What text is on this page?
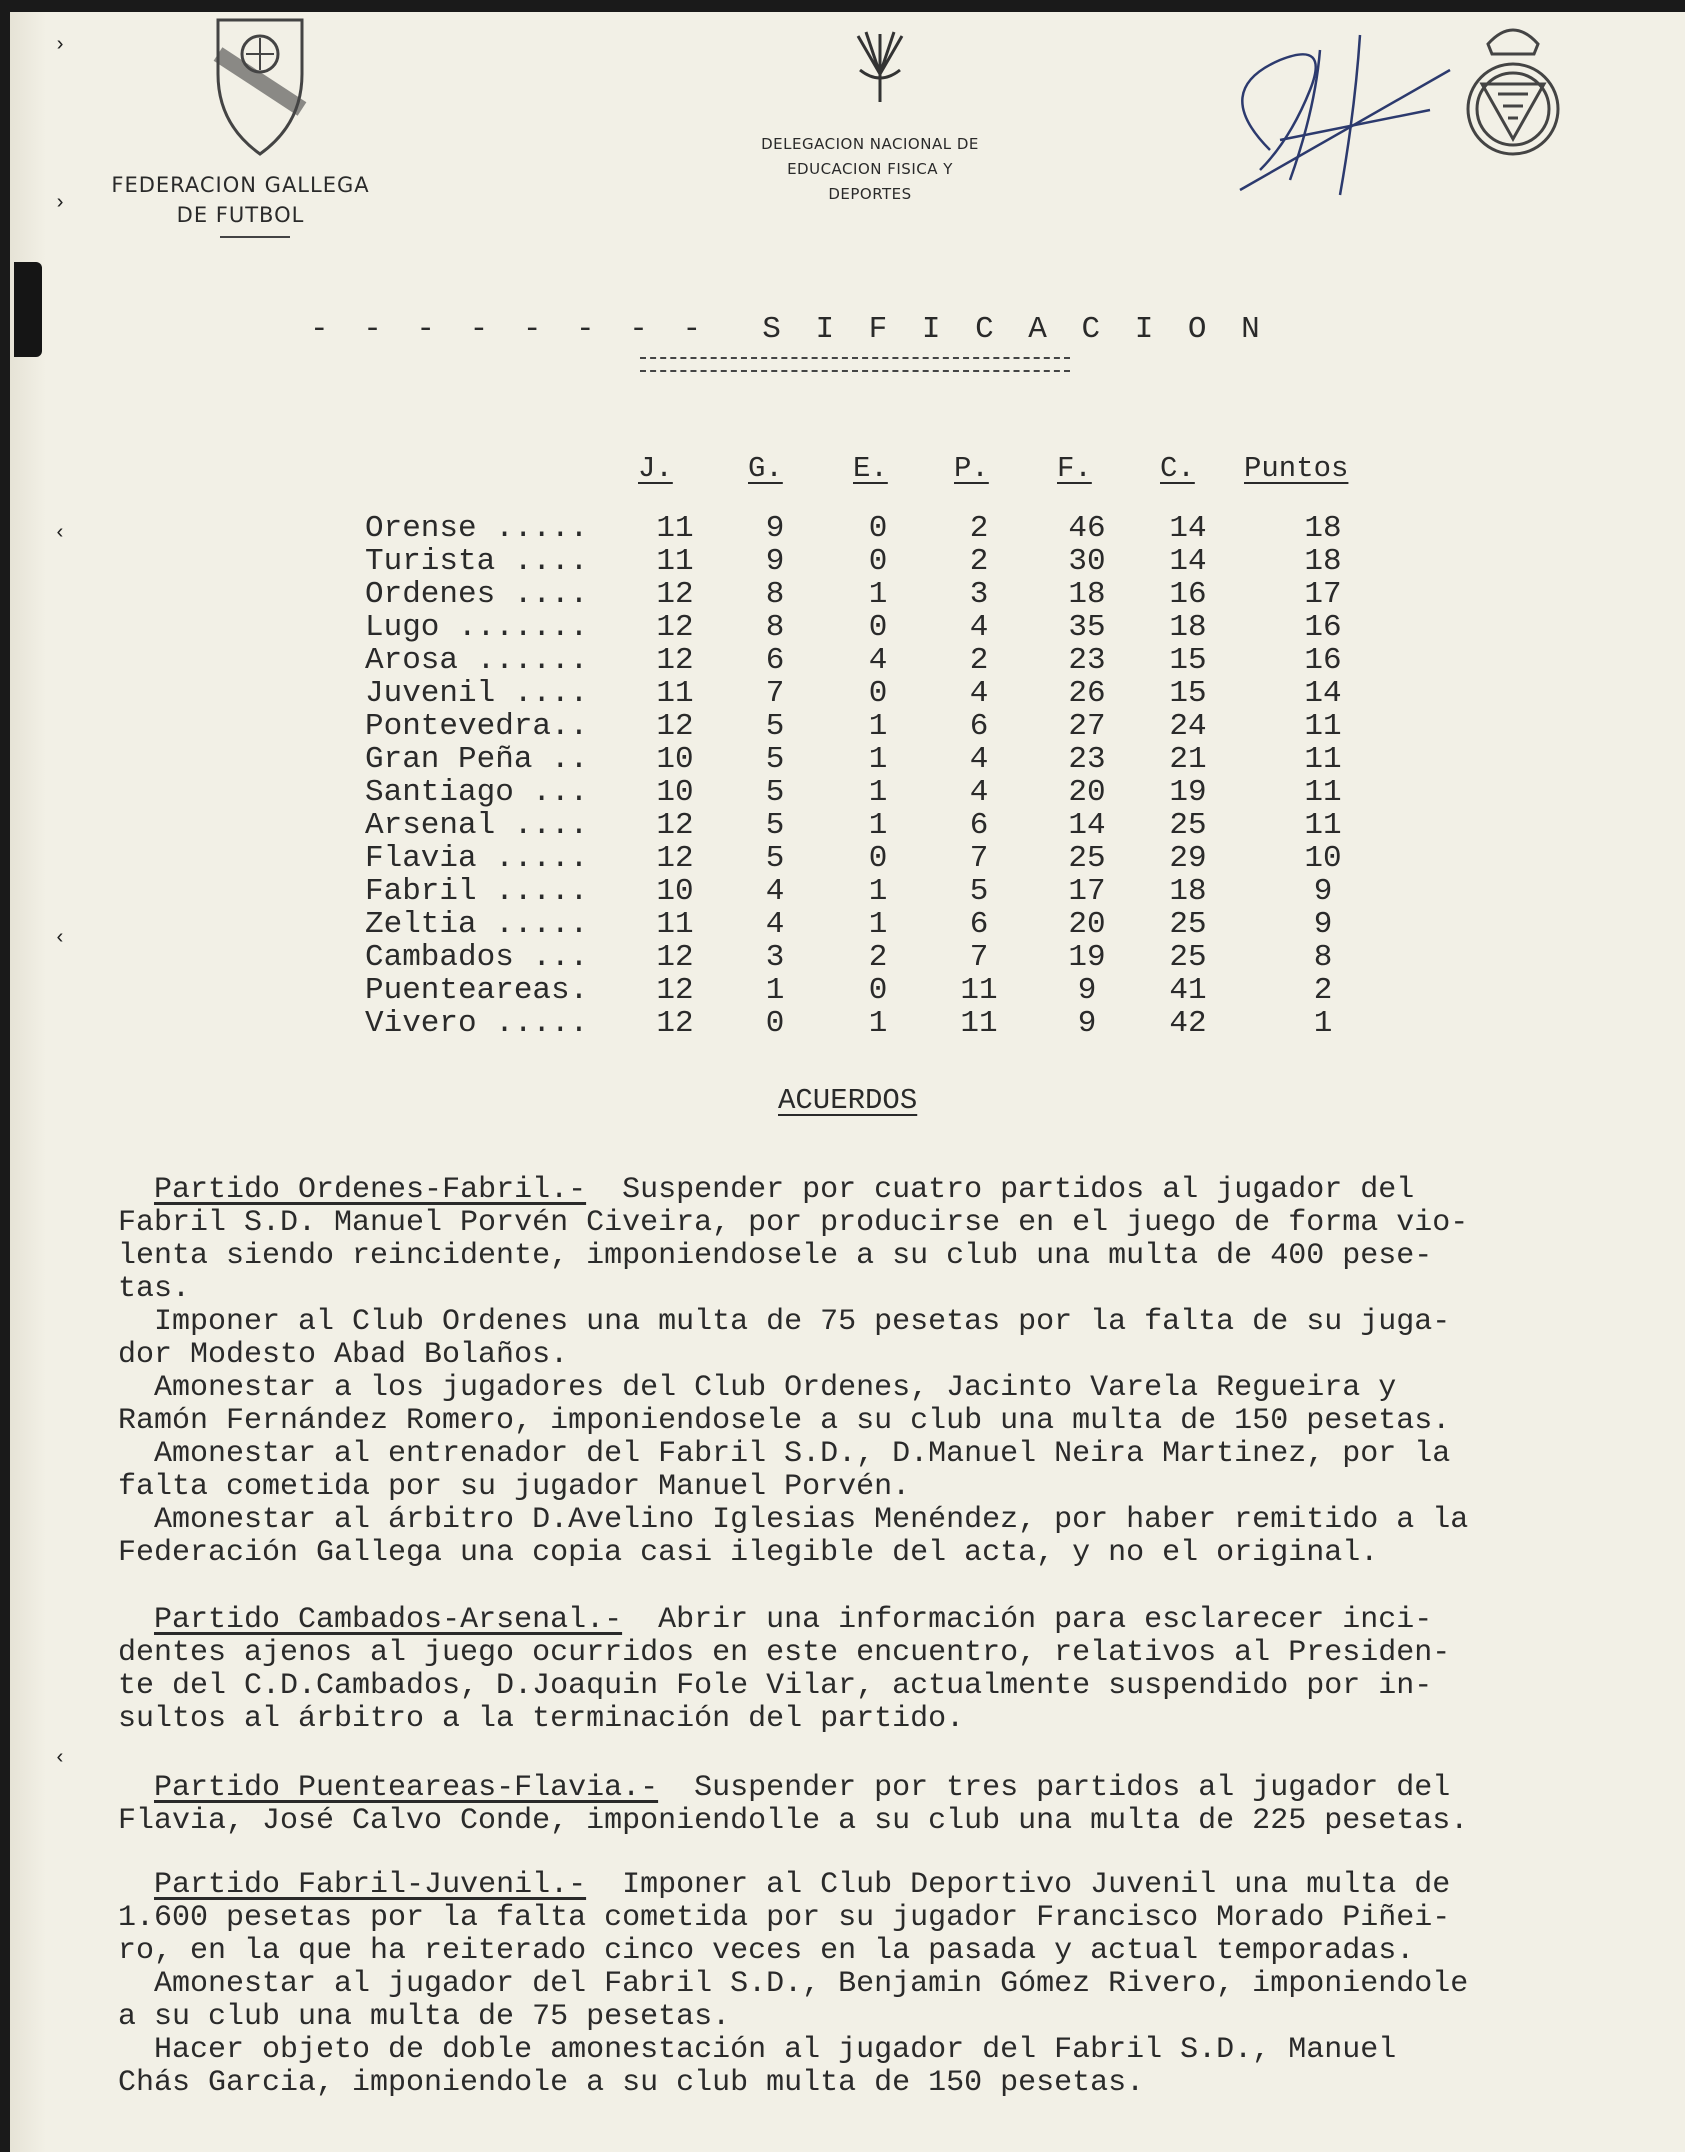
›
›
‹
‹
‹
FEDERACION GALLEGA
DE FUTBOL
DELEGACION NACIONAL DE
EDUCACION FISICA Y DEPORTES
- - - - - - - -  S I F I C A C I O N
J.	G. E. P. F. C. Puntos
Orense .....	11	9	0	2	46 14	18
Turista ....	11	9	0	2	30 14	18
Ordenes ....	12	8	1	3	18 16	17
Lugo .......	12	8	0	4	35 18	16
Arosa ......	12	6	4	2	23 15	16
Juvenil ....	11	7	0	4	26 15	14
Pontevedra..	12	5	1	6	27 24	11
Gran Peña ..	10	5	1	4	23 21	11
Santiago ...	10	5	1	4	20 19	11
Arsenal ....	12	5	1	6	14 25	11
Flavia .....	12	5	0	7	25 29	10
Fabril .....	10	4	1	5	17 18	9
Zeltia .....	11	4	1	6	20 25	9
Cambados ...	12	3	2	7	19 25	8
Puenteareas.	12	1	0	11	9	41	2
Vivero .....	12	0	1	11	9	42	1
ACUERDOS
Partido Ordenes-Fabril.-  Suspender por cuatro partidos al jugador del
Fabril S.D. Manuel Porvén Civeira, por producirse en el juego de forma vio-
lenta siendo reincidente, imponiendosele a su club una multa de 400 pese-
tas.
Imponer al Club Ordenes una multa de 75 pesetas por la falta de su juga-
dor Modesto Abad Bolaños.
Amonestar a los jugadores del Club Ordenes, Jacinto Varela Regueira y
Ramón Fernández Romero, imponiendosele a su club una multa de 150 pesetas.
Amonestar al entrenador del Fabril S.D., D.Manuel Neira Martinez, por la
falta cometida por su jugador Manuel Porvén.
Amonestar al árbitro D.Avelino Iglesias Menéndez, por haber remitido a la
Federación Gallega una copia casi ilegible del acta, y no el original.
Partido Cambados-Arsenal.-  Abrir una información para esclarecer inci-
dentes ajenos al juego ocurridos en este encuentro, relativos al Presiden-
te del C.D.Cambados, D.Joaquin Fole Vilar, actualmente suspendido por in-
sultos al árbitro a la terminación del partido.
Partido Puenteareas-Flavia.-  Suspender por tres partidos al jugador del
Flavia, José Calvo Conde, imponiendolle a su club una multa de 225 pesetas.
Partido Fabril-Juvenil.-  Imponer al Club Deportivo Juvenil una multa de
1.600 pesetas por la falta cometida por su jugador Francisco Morado Piñei-
ro, en la que ha reiterado cinco veces en la pasada y actual temporadas.
Amonestar al jugador del Fabril S.D., Benjamin Gómez Rivero, imponiendole
a su club una multa de 75 pesetas.
Hacer objeto de doble amonestación al jugador del Fabril S.D., Manuel
Chás Garcia, imponiendole a su club multa de 150 pesetas.
